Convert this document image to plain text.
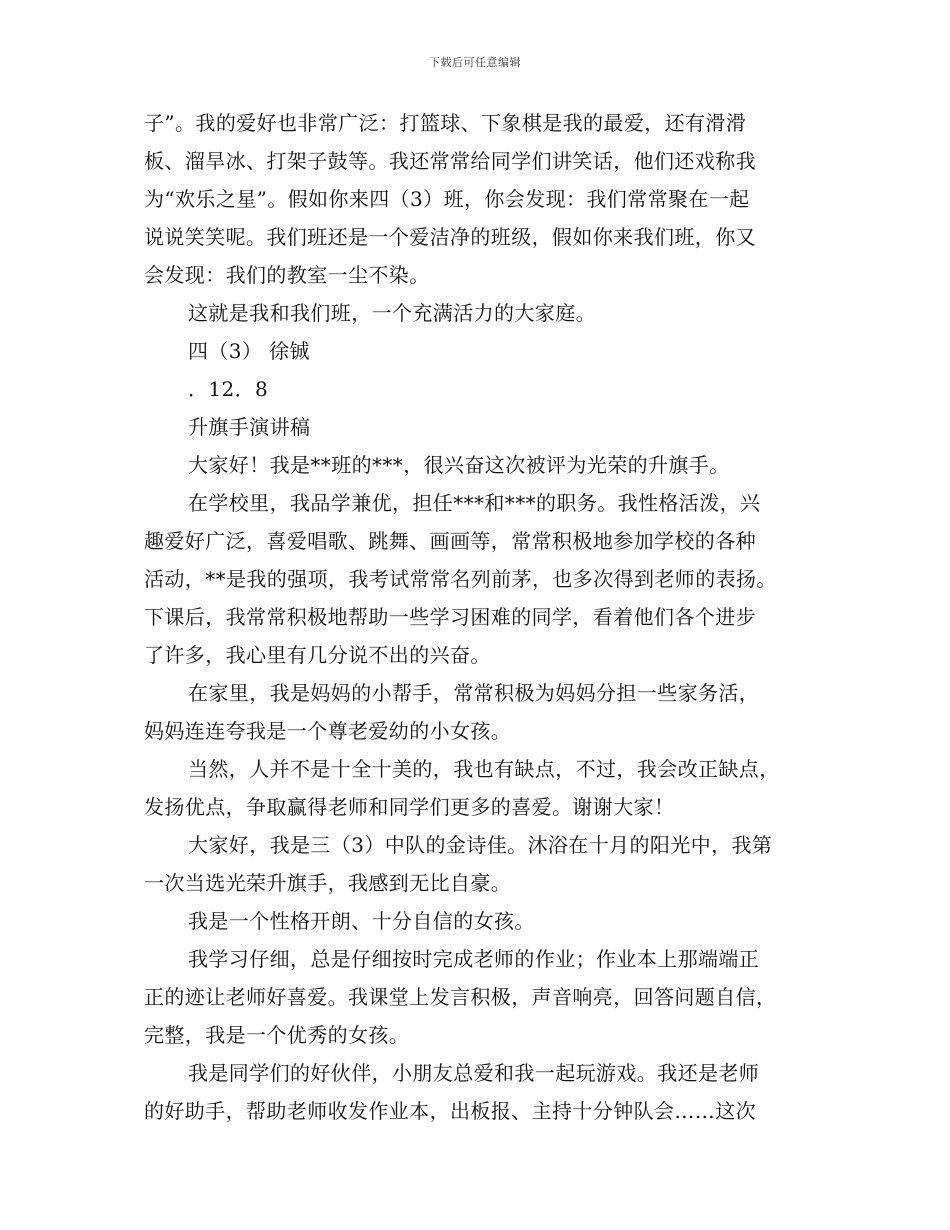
下载后可任意编辑

子”。我的爱好也非常广泛：打篮球、下象棋是我的最爱，还有滑滑
板、溜旱冰、打架子鼓等。我还常常给同学们讲笑话，他们还戏称我
为“欢乐之星”。假如你来四（3）班，你会发现：我们常常聚在一起
说说笑笑呢。我们班还是一个爱洁净的班级，假如你来我们班，你又
会发现：我们的教室一尘不染。

这就是我和我们班，一个充满活力的大家庭。

四（3） 徐铖

．12．8

升旗手演讲稿

大家好！我是**班的***，很兴奋这次被评为光荣的升旗手。

在学校里，我品学兼优，担任***和***的职务。我性格活泼，兴
趣爱好广泛，喜爱唱歌、跳舞、画画等，常常积极地参加学校的各种
活动，**是我的强项，我考试常常名列前茅，也多次得到老师的表扬。
下课后，我常常积极地帮助一些学习困难的同学，看着他们各个进步
了许多，我心里有几分说不出的兴奋。

在家里，我是妈妈的小帮手，常常积极为妈妈分担一些家务活，
妈妈连连夸我是一个尊老爱幼的小女孩。

当然，人并不是十全十美的，我也有缺点，不过，我会改正缺点，
发扬优点，争取赢得老师和同学们更多的喜爱。谢谢大家！

大家好，我是三（3）中队的金诗佳。沐浴在十月的阳光中，我第
一次当选光荣升旗手，我感到无比自豪。

我是一个性格开朗、十分自信的女孩。

我学习仔细，总是仔细按时完成老师的作业；作业本上那端端正
正的迹让老师好喜爱。我课堂上发言积极，声音响亮，回答问题自信，
完整，我是一个优秀的女孩。

我是同学们的好伙伴，小朋友总爱和我一起玩游戏。我还是老师
的好助手，帮助老师收发作业本，出板报、主持十分钟队会……这次
